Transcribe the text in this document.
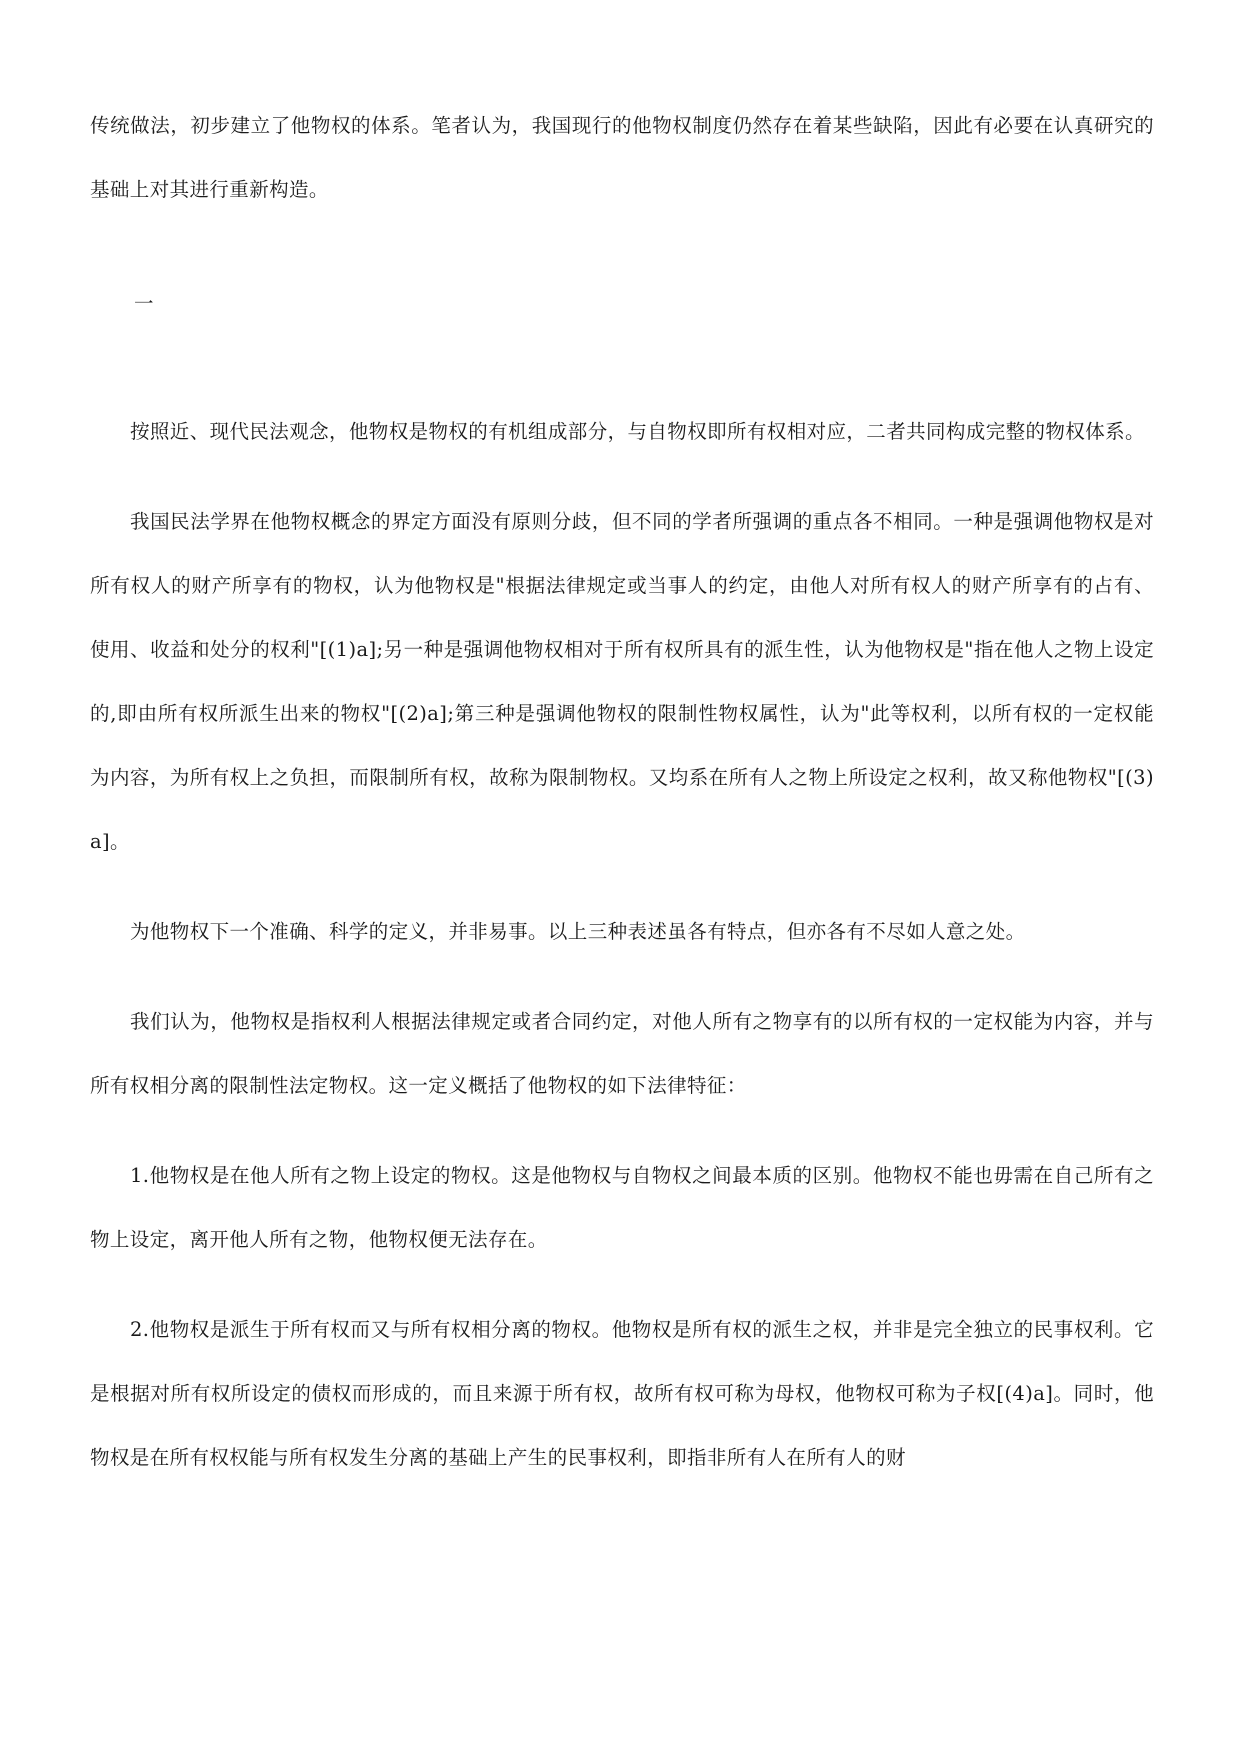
传统做法，初步建立了他物权的体系。笔者认为，我国现行的他物权制度仍然存在着某些缺陷，因此有必要在认真研究的基础上对其进行重新构造。

一

按照近、现代民法观念，他物权是物权的有机组成部分，与自物权即所有权相对应，二者共同构成完整的物权体系。

我国民法学界在他物权概念的界定方面没有原则分歧，但不同的学者所强调的重点各不相同。一种是强调他物权是对所有权人的财产所享有的物权，认为他物权是"根据法律规定或当事人的约定，由他人对所有权人的财产所享有的占有、使用、收益和处分的权利"[(1)a];另一种是强调他物权相对于所有权所具有的派生性，认为他物权是"指在他人之物上设定的,即由所有权所派生出来的物权"[(2)a];第三种是强调他物权的限制性物权属性，认为"此等权利，以所有权的一定权能为内容，为所有权上之负担，而限制所有权，故称为限制物权。又均系在所有人之物上所设定之权利，故又称他物权"[(3)a]。

为他物权下一个准确、科学的定义，并非易事。以上三种表述虽各有特点，但亦各有不尽如人意之处。

我们认为，他物权是指权利人根据法律规定或者合同约定，对他人所有之物享有的以所有权的一定权能为内容，并与所有权相分离的限制性法定物权。这一定义概括了他物权的如下法律特征：

1.他物权是在他人所有之物上设定的物权。这是他物权与自物权之间最本质的区别。他物权不能也毋需在自己所有之物上设定，离开他人所有之物，他物权便无法存在。

2.他物权是派生于所有权而又与所有权相分离的物权。他物权是所有权的派生之权，并非是完全独立的民事权利。它是根据对所有权所设定的债权而形成的，而且来源于所有权，故所有权可称为母权，他物权可称为子权[(4)a]。同时，他物权是在所有权权能与所有权发生分离的基础上产生的民事权利，即指非所有人在所有人的财
